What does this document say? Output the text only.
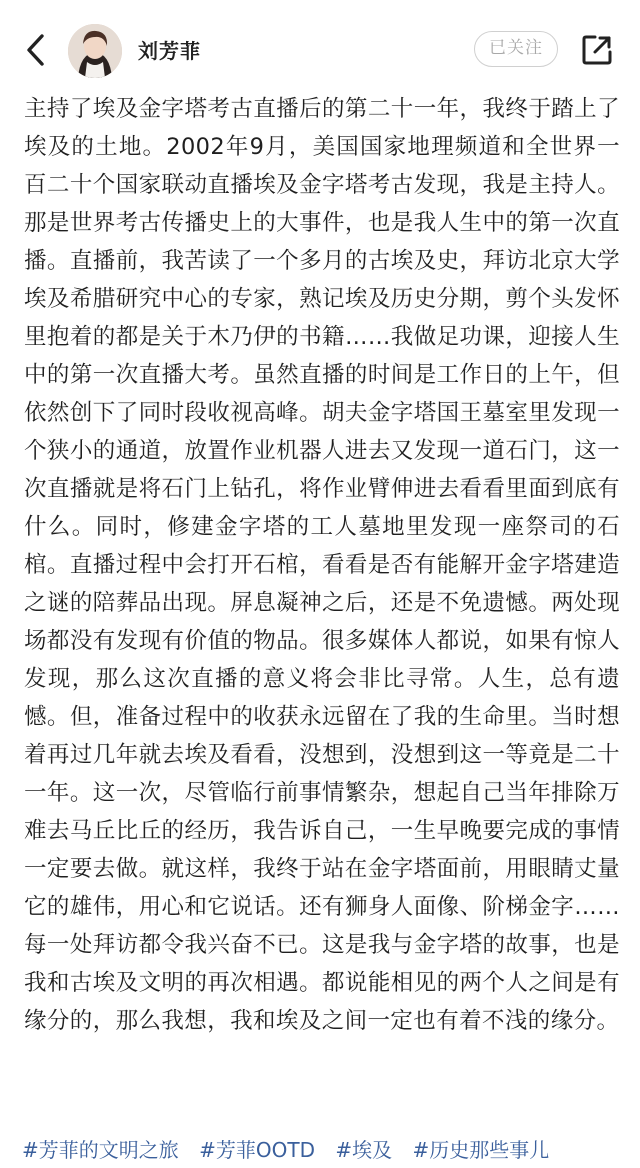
刘芳菲	已关注
主持了埃及金字塔考古直播后的第二十一年，我终于踏上了埃及的土地。2002年9月，美国国家地理频道和全世界一百二十个国家联动直播埃及金字塔考古发现，我是主持人。那是世界考古传播史上的大事件，也是我人生中的第一次直播。直播前，我苦读了一个多月的古埃及史，拜访北京大学埃及希腊研究中心的专家，熟记埃及历史分期，剪个头发怀里抱着的都是关于木乃伊的书籍……我做足功课，迎接人生中的第一次直播大考。虽然直播的时间是工作日的上午，但依然创下了同时段收视高峰。胡夫金字塔国王墓室里发现一个狭小的通道，放置作业机器人进去又发现一道石门，这一次直播就是将石门上钻孔，将作业臂伸进去看看里面到底有什么。同时，修建金字塔的工人墓地里发现一座祭司的石棺。直播过程中会打开石棺，看看是否有能解开金字塔建造之谜的陪葬品出现。屏息凝神之后，还是不免遗憾。两处现场都没有发现有价值的物品。很多媒体人都说，如果有惊人发现，那么这次直播的意义将会非比寻常。人生，总有遗憾。但，准备过程中的收获永远留在了我的生命里。当时想着再过几年就去埃及看看，没想到，没想到这一等竟是二十一年。这一次，尽管临行前事情繁杂，想起自己当年排除万难去马丘比丘的经历，我告诉自己，一生早晚要完成的事情一定要去做。就这样，我终于站在金字塔面前，用眼睛丈量它的雄伟，用心和它说话。还有狮身人面像、阶梯金字……每一处拜访都令我兴奋不已。这是我与金字塔的故事，也是我和古埃及文明的再次相遇。都说能相见的两个人之间是有缘分的，那么我想，我和埃及之间一定也有着不浅的缘分。
#芳菲的文明之旅 #芳菲OOTD #埃及 #历史那些事儿
